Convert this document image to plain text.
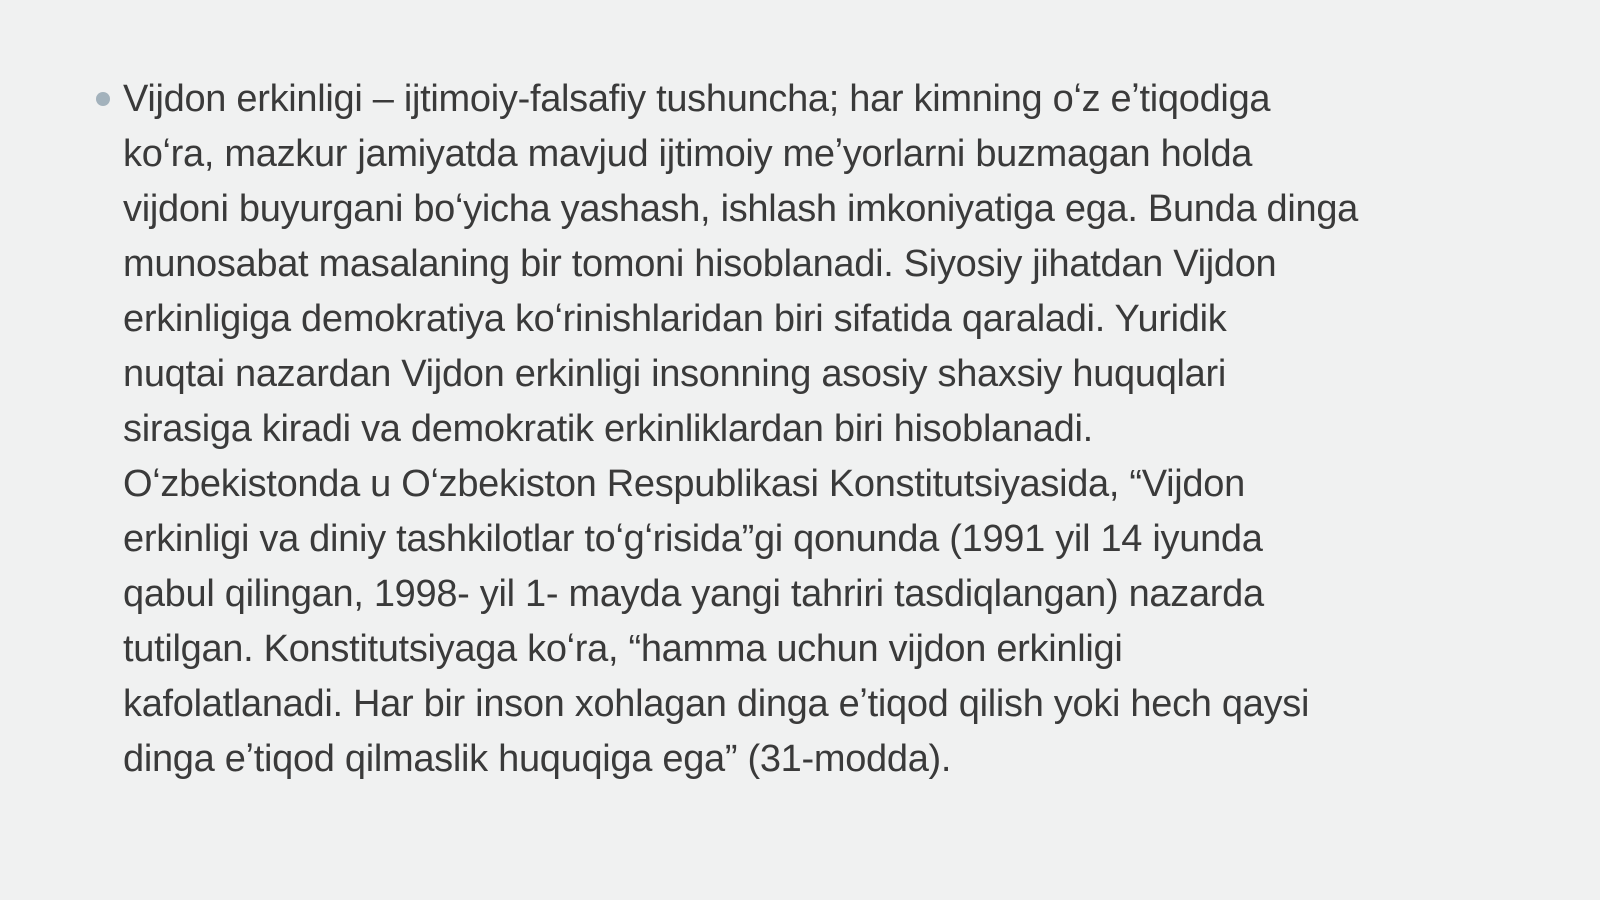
Vijdon erkinligi – ijtimoiy-falsafiy tushuncha; har kimning oʻz eʼtiqodiga
koʻra, mazkur jamiyatda mavjud ijtimoiy meʼyorlarni buzmagan holda
vijdoni buyurgani boʻyicha yashash, ishlash imkoniyatiga ega. Bunda dinga
munosabat masalaning bir tomoni hisoblanadi. Siyosiy jihatdan Vijdon
erkinligiga demokratiya koʻrinishlaridan biri sifatida qaraladi. Yuridik
nuqtai nazardan Vijdon erkinligi insonning asosiy shaxsiy huquqlari
sirasiga kiradi va demokratik erkinliklardan biri hisoblanadi.
Oʻzbekistonda u Oʻzbekiston Respublikasi Konstitutsiyasida, “Vijdon
erkinligi va diniy tashkilotlar toʻgʻrisida”gi qonunda (1991 yil 14 iyunda
qabul qilingan, 1998- yil 1- mayda yangi tahriri tasdiqlangan) nazarda
tutilgan. Konstitutsiyaga koʻra, “hamma uchun vijdon erkinligi
kafolatlanadi. Har bir inson xohlagan dinga eʼtiqod qilish yoki hech qaysi
dinga eʼtiqod qilmaslik huquqiga ega” (31-modda).
